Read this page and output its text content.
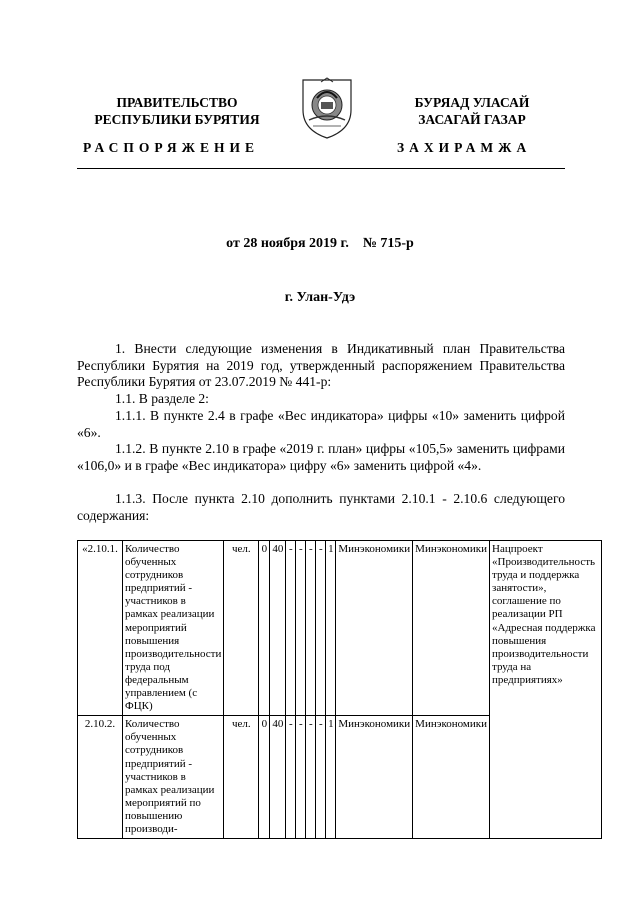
ПРАВИТЕЛЬСТВО
РЕСПУБЛИКИ БУРЯТИЯ
БУРЯАД УЛАСАЙ
ЗАСАГАЙ ГАЗАР
РАСПОРЯЖЕНИЕ	ЗАХИРАМЖА
от 28 ноября 2019 г.    № 715-р
г. Улан-Удэ
1. Внести следующие изменения в Индикативный план Правительства Республики Бурятия на 2019 год, утвержденный распоряжением Правительства Республики Бурятия от 23.07.2019 № 441-р:
1.1. В разделе 2:
1.1.1. В пункте 2.4 в графе «Вес индикатора» цифры «10» заменить цифрой «6».
1.1.2. В пункте 2.10 в графе «2019 г. план» цифры «105,5» заменить цифрами «106,0» и в графе «Вес индикатора» цифру «6» заменить цифрой «4».
1.1.3. После пункта 2.10 дополнить пунктами 2.10.1 - 2.10.6 следующего содержания:
«2.10.1.	Количество обученных сотрудников предприятий - участников в рамках реализации мероприятий повышения производительности труда под федеральным управлением (с ФЦК)	чел.	0	40	-	-	-	-	1	Минэкономики	Минэкономики	Нацпроект «Производительность труда и поддержка занятости», соглашение по реализации РП «Адресная поддержка повышения производительности труда на предприятиях»
2.10.2.	Количество обученных сотрудников предприятий - участников в рамках реализации мероприятий по повышению производи-	чел.	0	40	-	-	-	-	1	Минэкономики	Минэкономики	
